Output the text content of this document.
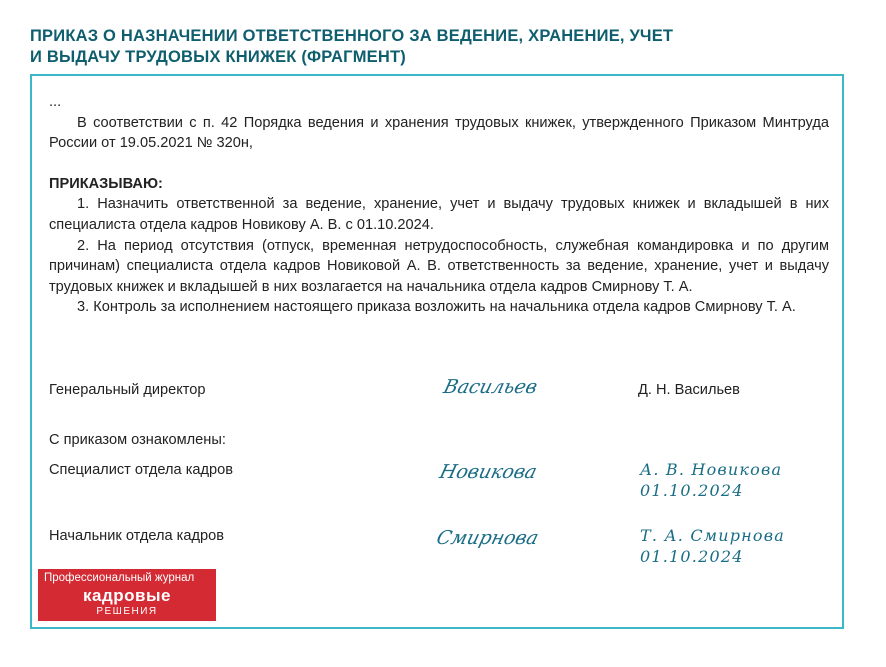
ПРИКАЗ О НАЗНАЧЕНИИ ОТВЕТСТВЕННОГО ЗА ВЕДЕНИЕ, ХРАНЕНИЕ, УЧЕТ
И ВЫДАЧУ ТРУДОВЫХ КНИЖЕК (ФРАГМЕНТ)

...

В соответствии с п. 42 Порядка ведения и хранения трудовых книжек, утвержденного Приказом Минтруда России от 19.05.2021 № 320н,

ПРИКАЗЫВАЮ:

1. Назначить ответственной за ведение, хранение, учет и выдачу трудовых книжек и вкладышей в них специалиста отдела кадров Новикову А. В. с 01.10.2024.

2. На период отсутствия (отпуск, временная нетрудоспособность, служебная командировка и по другим причинам) специалиста отдела кадров Новиковой А. В. ответственность за ведение, хранение, учет и выдачу трудовых книжек и вкладышей в них возлагается на начальника отдела кадров Смирнову Т. А.

3. Контроль за исполнением настоящего приказа возложить на начальника отдела кадров Смирнову Т. А.

Генеральный директор	Васильев	Д. Н. Васильев
С приказом ознакомлены:
Специалист отдела кадров	Новикова	А. В. Новикова
01.10.2024
Начальник отдела кадров	Смирнова	Т. А. Смирнова
01.10.2024
Профессиональный журнал
кадровые
РЕШЕНИЯ
